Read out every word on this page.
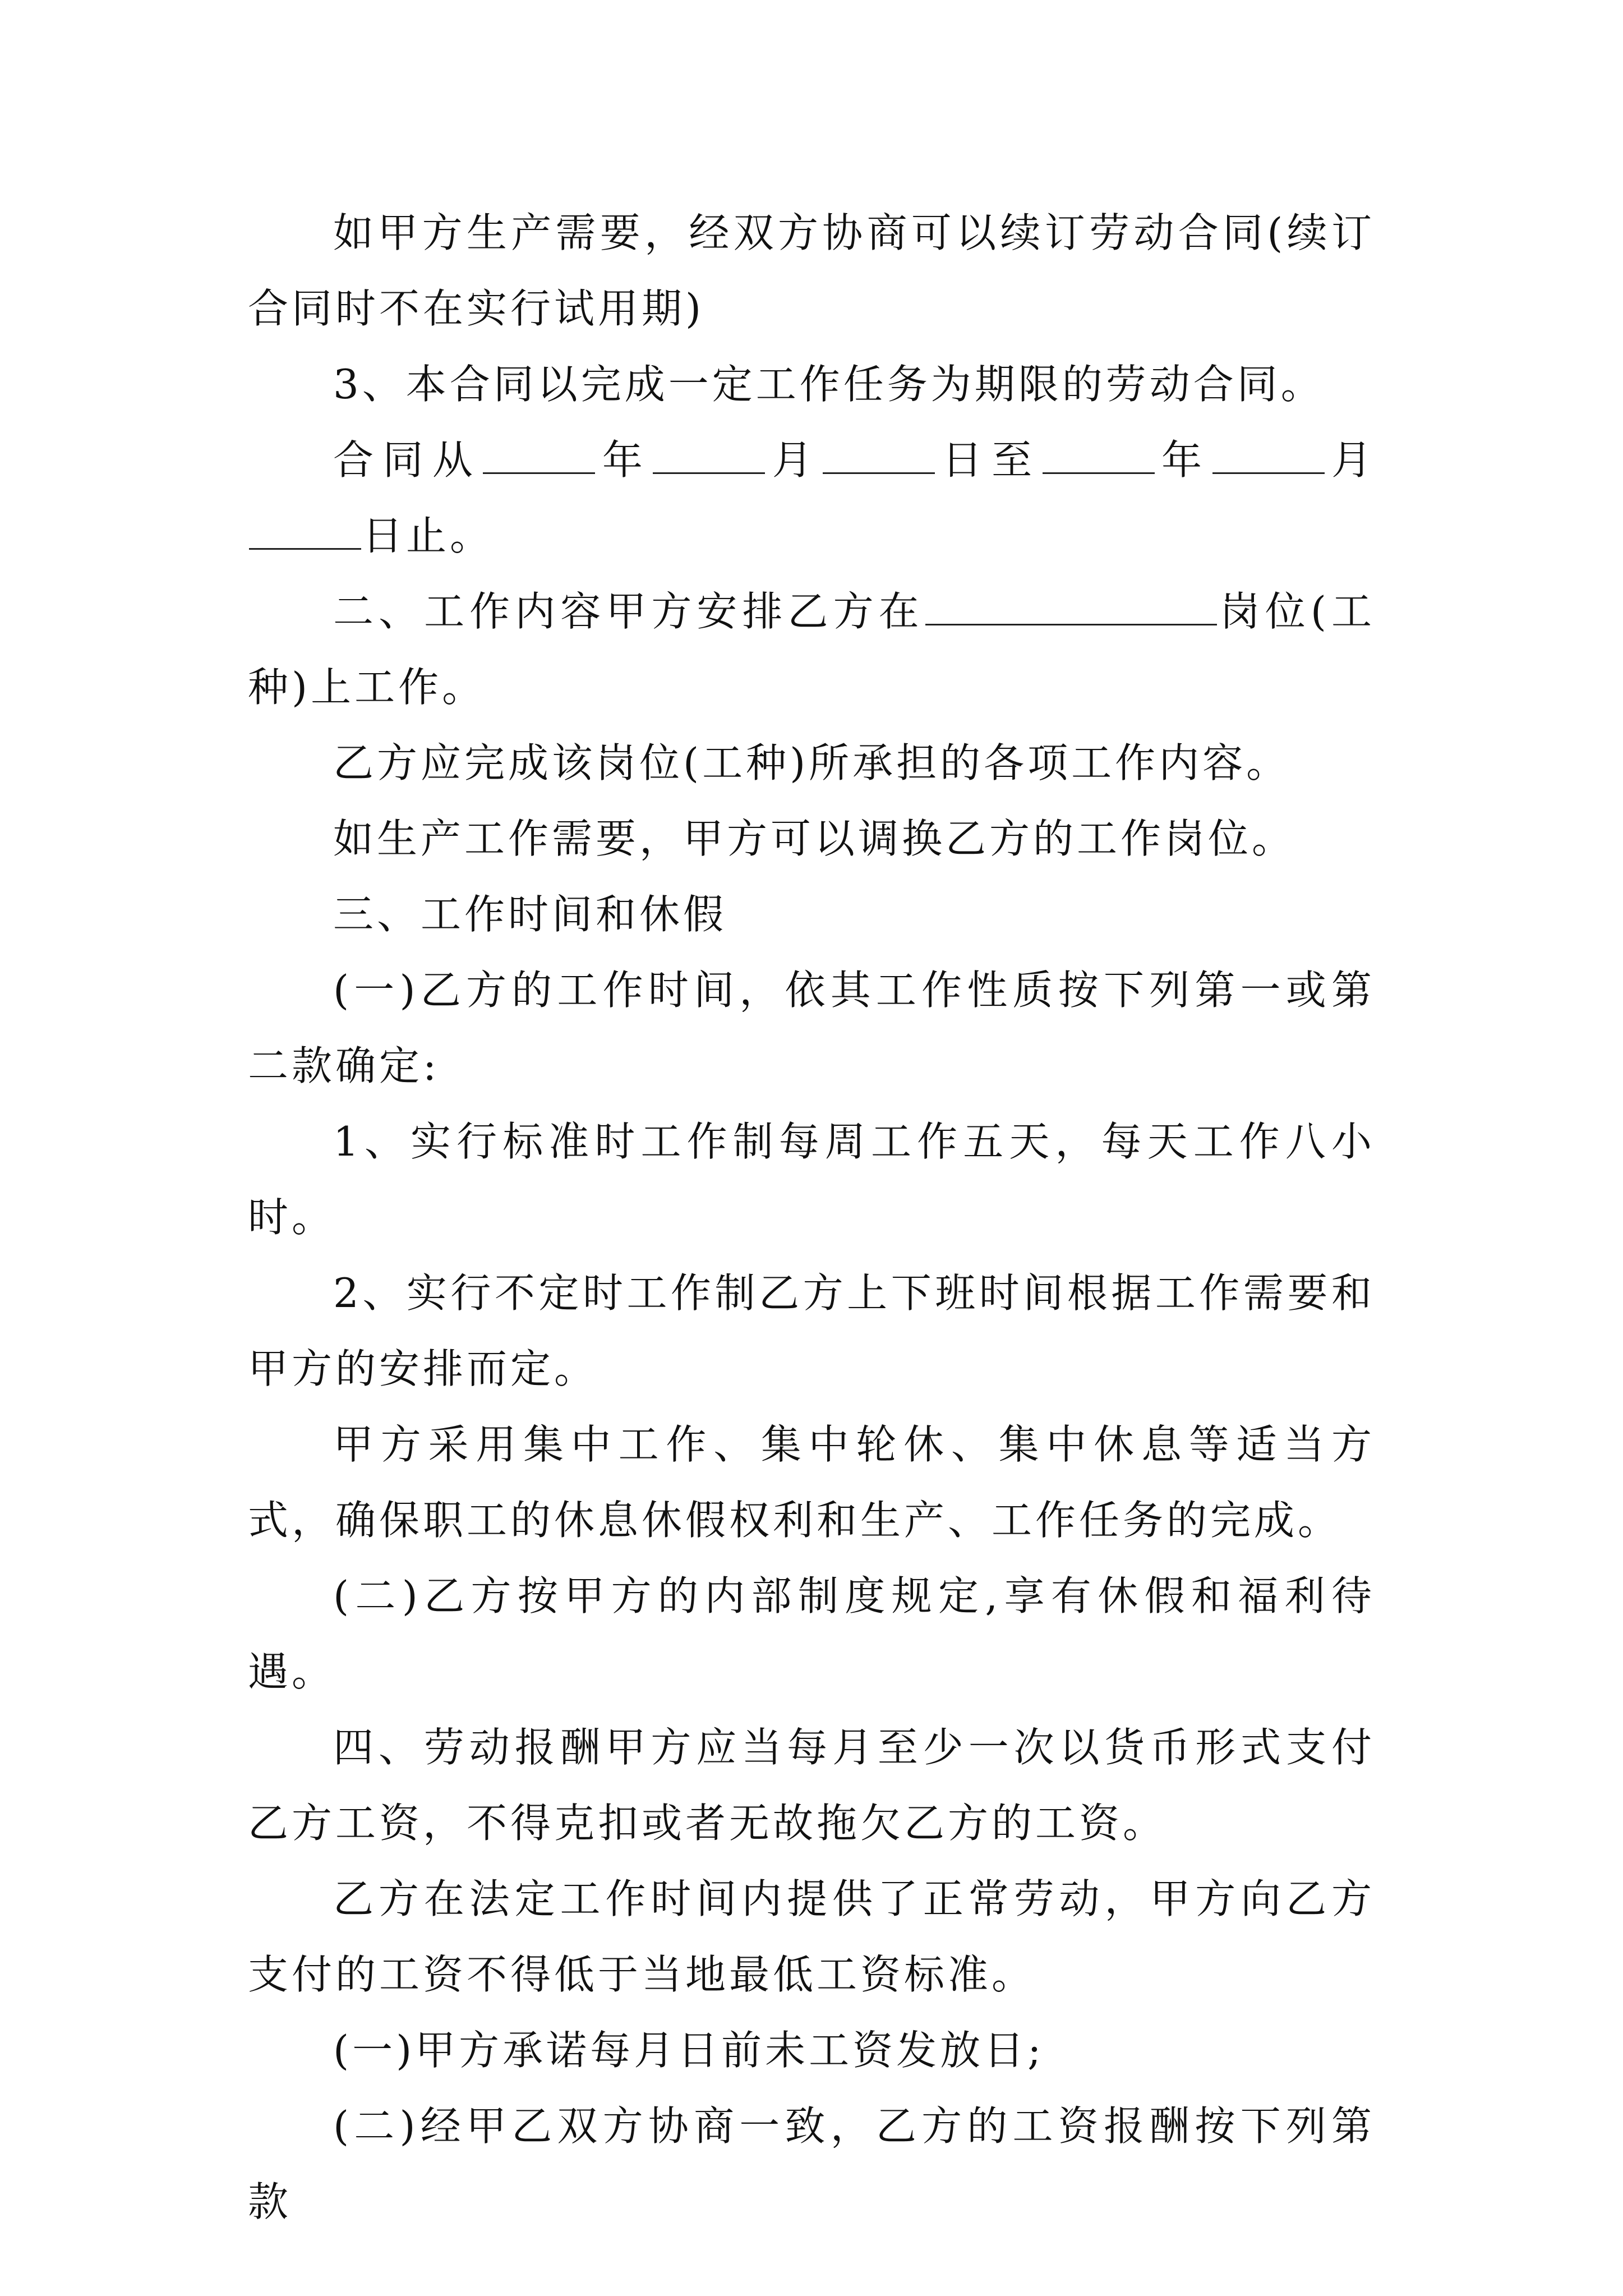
如甲方生产需要，经双方协商可以续订劳动合同(续订合同时不在实行试用期)

3、本合同以完成一定工作任务为期限的劳动合同。

合同从	年	月	日至	年	月日止。

二、工作内容甲方安排乙方在	岗位(工种)上工作。

乙方应完成该岗位(工种)所承担的各项工作内容。

如生产工作需要，甲方可以调换乙方的工作岗位。

三、工作时间和休假

(一)乙方的工作时间，依其工作性质按下列第一或第二款确定:

1、实行标准时工作制每周工作五天，每天工作八小时。

2、实行不定时工作制乙方上下班时间根据工作需要和甲方的安排而定。

甲方采用集中工作、集中轮休、集中休息等适当方式，确保职工的休息休假权利和生产、工作任务的完成。

(二)乙方按甲方的内部制度规定,享有休假和福利待遇。

四、劳动报酬甲方应当每月至少一次以货币形式支付乙方工资，不得克扣或者无故拖欠乙方的工资。

乙方在法定工作时间内提供了正常劳动，甲方向乙方支付的工资不得低于当地最低工资标准。

(一)甲方承诺每月日前未工资发放日;

(二)经甲乙双方协商一致，乙方的工资报酬按下列第款
